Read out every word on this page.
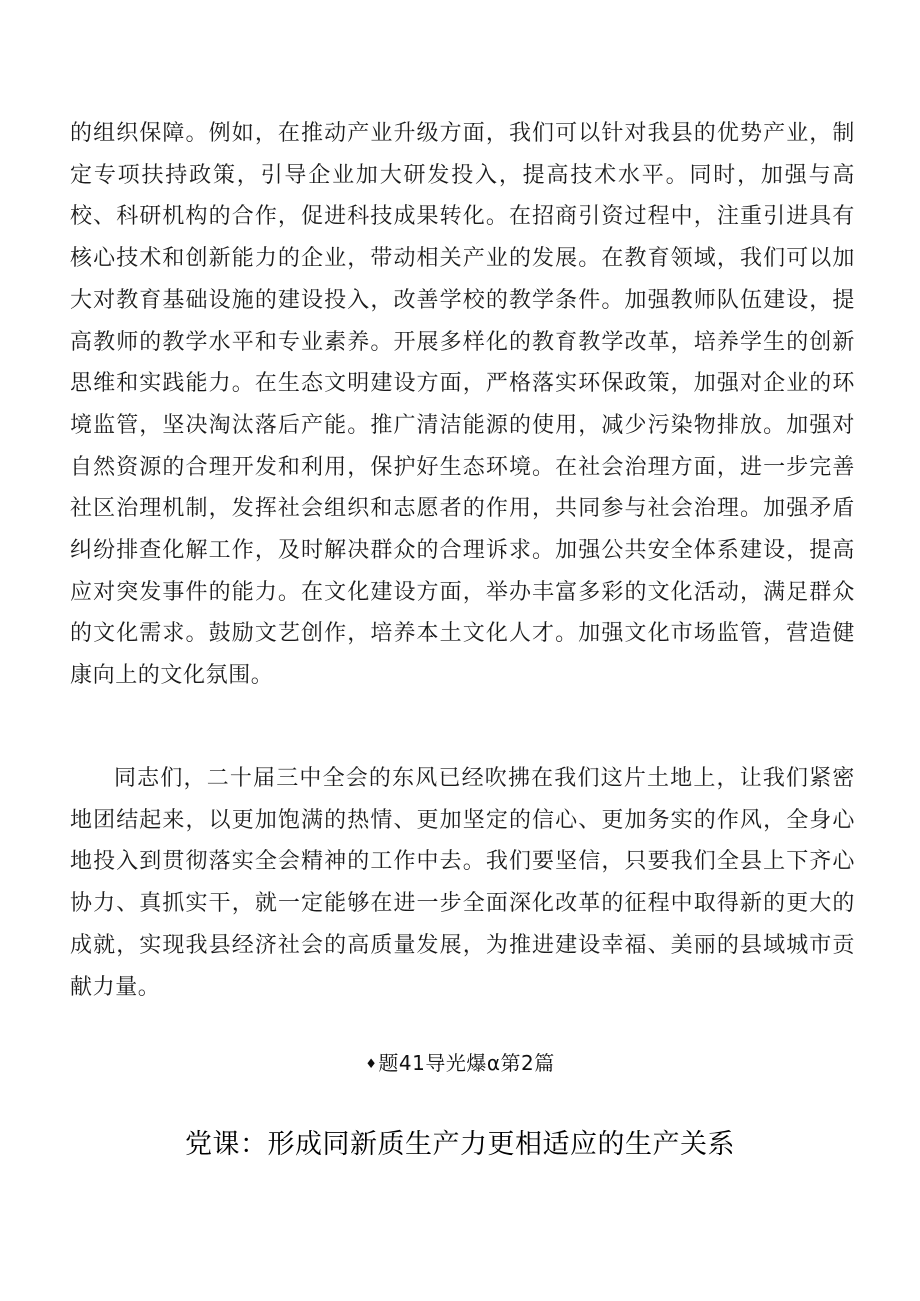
的组织保障。例如，在推动产业升级方面，我们可以针对我县的优势产业，制定专项扶持政策，引导企业加大研发投入，提高技术水平。同时，加强与高校、科研机构的合作，促进科技成果转化。在招商引资过程中，注重引进具有核心技术和创新能力的企业，带动相关产业的发展。在教育领域，我们可以加大对教育基础设施的建设投入，改善学校的教学条件。加强教师队伍建设，提高教师的教学水平和专业素养。开展多样化的教育教学改革，培养学生的创新思维和实践能力。在生态文明建设方面，严格落实环保政策，加强对企业的环境监管，坚决淘汰落后产能。推广清洁能源的使用，减少污染物排放。加强对自然资源的合理开发和利用，保护好生态环境。在社会治理方面，进一步完善社区治理机制，发挥社会组织和志愿者的作用，共同参与社会治理。加强矛盾纠纷排查化解工作，及时解决群众的合理诉求。加强公共安全体系建设，提高应对突发事件的能力。在文化建设方面，举办丰富多彩的文化活动，满足群众的文化需求。鼓励文艺创作，培养本土文化人才。加强文化市场监管，营造健康向上的文化氛围。
同志们，二十届三中全会的东风已经吹拂在我们这片土地上，让我们紧密地团结起来，以更加饱满的热情、更加坚定的信心、更加务实的作风，全身心地投入到贯彻落实全会精神的工作中去。我们要坚信，只要我们全县上下齐心协力、真抓实干，就一定能够在进一步全面深化改革的征程中取得新的更大的成就，实现我县经济社会的高质量发展，为推进建设幸福、美丽的县域城市贡献力量。
♦题41导光爆α第2篇
党课：形成同新质生产力更相适应的生产关系
